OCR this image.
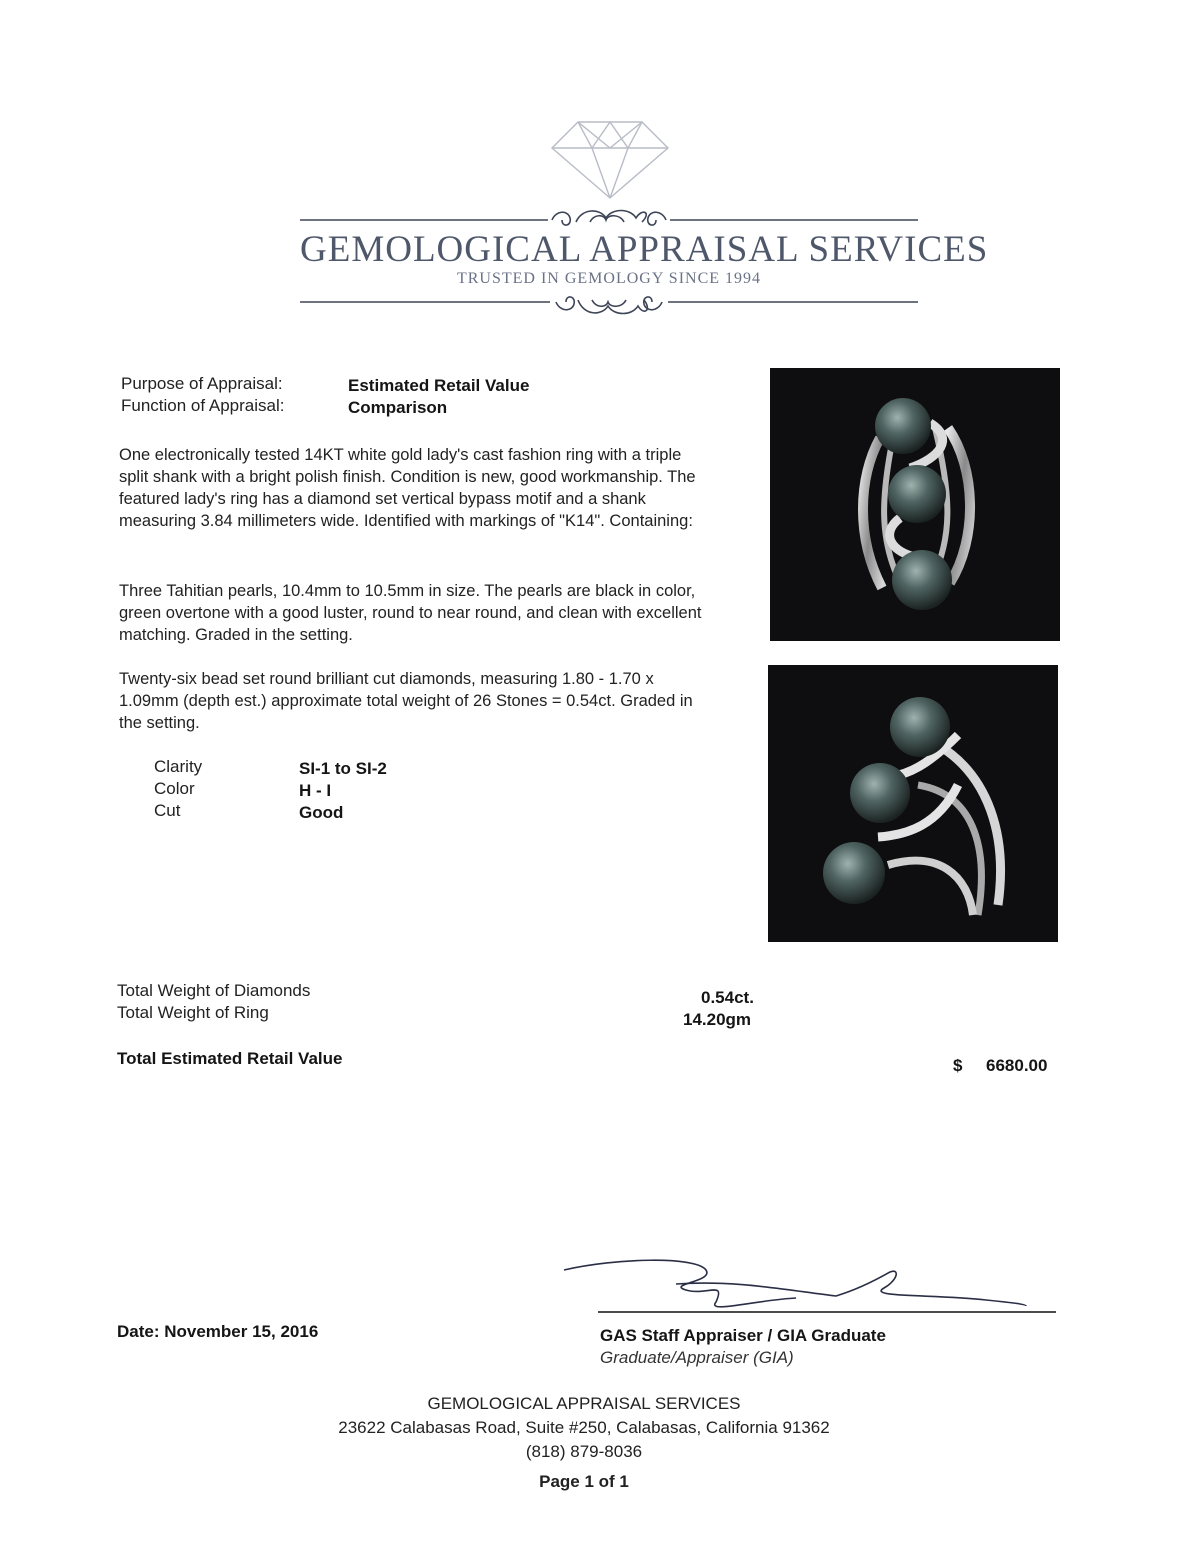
GEMOLOGICAL APPRAISAL SERVICES
TRUSTED IN GEMOLOGY SINCE 1994
Purpose of Appraisal:	Estimated Retail Value
Function of Appraisal:	Comparison
One electronically tested 14KT white gold lady's cast fashion ring with a triple split shank with a bright polish finish. Condition is new, good workmanship. The featured lady's ring has a diamond set vertical bypass motif and a shank measuring 3.84 millimeters wide. Identified with markings of "K14". Containing:
Three Tahitian pearls, 10.4mm to 10.5mm in size. The pearls are black in color, green overtone with a good luster, round to near round, and clean with excellent matching. Graded in the setting.
Twenty-six bead set round brilliant cut diamonds, measuring 1.80 - 1.70 x 1.09mm (depth est.) approximate total weight of 26 Stones = 0.54ct. Graded in the setting.
Clarity	SI-1 to SI-2
Color	H - I
Cut	Good
Total Weight of Diamonds	0.54ct.
Total Weight of Ring	14.20gm
Total Estimated Retail Value	$ 6680.00
Date: November 15, 2016	GAS Staff Appraiser / GIA Graduate
Graduate/Appraiser (GIA)
GEMOLOGICAL APPRAISAL SERVICES
23622 Calabasas Road, Suite #250, Calabasas, California 91362
(818) 879-8036
Page 1 of 1
